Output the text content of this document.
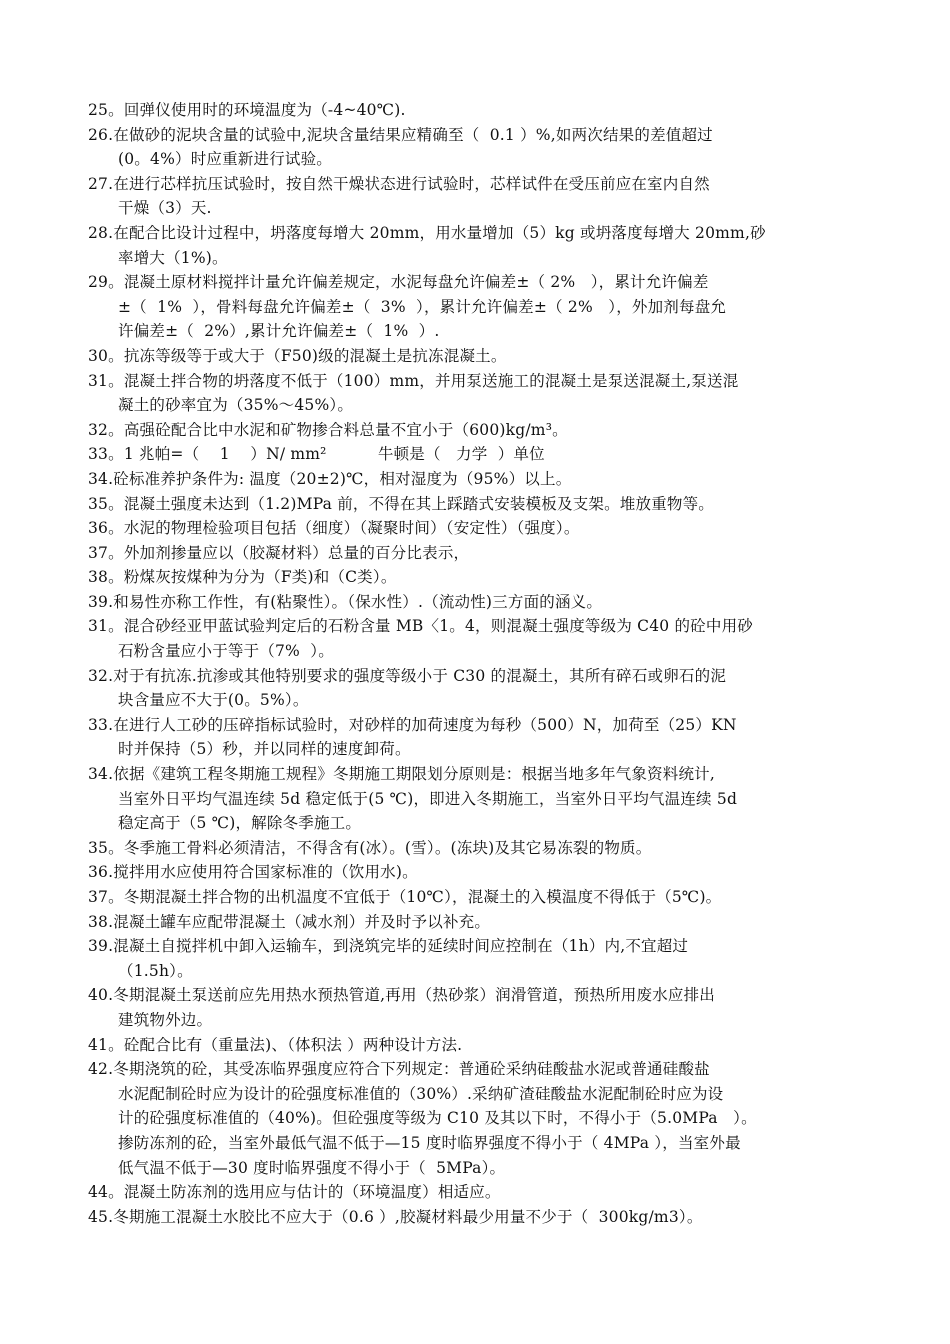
25。回弹仪使用时的环境温度为（-4~40℃).
26.在做砂的泥块含量的试验中,泥块含量结果应精确至（  0.1 ）%,如两次结果的差值超过
(0。4%）时应重新进行试验。
27.在进行芯样抗压试验时，按自然干燥状态进行试验时，芯样试件在受压前应在室内自然
干燥（3）天.
28.在配合比设计过程中，坍落度每增大 20mm，用水量增加（5）kg 或坍落度每增大 20mm,砂
率增大（1%)。
29。混凝土原材料搅拌计量允许偏差规定，水泥每盘允许偏差±（ 2%   ），累计允许偏差
±（  1%  ），骨料每盘允许偏差±（  3%  ），累计允许偏差±（ 2%   ），外加剂每盘允
许偏差±（  2%）,累计允许偏差±（  1%  ）.
30。抗冻等级等于或大于（F50)级的混凝土是抗冻混凝土。
31。混凝土拌合物的坍落度不低于（100）mm，并用泵送施工的混凝土是泵送混凝土,泵送混
凝土的砂率宜为（35%～45%）。
32。高强砼配合比中水泥和矿物掺合料总量不宜小于（600)kg/m³。
33。1 兆帕=（    1    ）N/ mm²          牛顿是（   力学  ）单位
34.砼标准养护条件为: 温度（20±2)℃，相对湿度为（95%）以上。
35。混凝土强度未达到（1.2)MPa 前，不得在其上踩踏式安装模板及支架。堆放重物等。
36。水泥的物理检验项目包括（细度）（凝聚时间）（安定性）（强度）。
37。外加剂掺量应以（胶凝材料）总量的百分比表示，
38。粉煤灰按煤种为分为（F类)和（C类）。
39.和易性亦称工作性，有(粘聚性）。（保水性）.（流动性)三方面的涵义。
31。混合砂经亚甲蓝试验判定后的石粉含量 MB〈1。4，则混凝土强度等级为 C40 的砼中用砂
石粉含量应小于等于（7%  ）。
32.对于有抗冻.抗渗或其他特别要求的强度等级小于 C30 的混凝土，其所有碎石或卵石的泥
块含量应不大于(0。5%）。
33.在进行人工砂的压碎指标试验时，对砂样的加荷速度为每秒（500）N，加荷至（25）KN
时并保持（5）秒，并以同样的速度卸荷。
34.依据《建筑工程冬期施工规程》冬期施工期限划分原则是：根据当地多年气象资料统计,
当室外日平均气温连续 5d 稳定低于(5 ℃)，即进入冬期施工，当室外日平均气温连续 5d
稳定高于（5 ℃)，解除冬季施工。
35。冬季施工骨料必须清洁，不得含有(冰）。(雪）。(冻块)及其它易冻裂的物质。
36.搅拌用水应使用符合国家标准的（饮用水)。
37。冬期混凝土拌合物的出机温度不宜低于（10℃），混凝土的入模温度不得低于（5℃)。
38.混凝土罐车应配带混凝土（减水剂）并及时予以补充。
39.混凝土自搅拌机中卸入运输车，到浇筑完毕的延续时间应控制在（1h）内,不宜超过
（1.5h）。
40.冬期混凝土泵送前应先用热水预热管道,再用（热砂浆）润滑管道，预热所用废水应排出
建筑物外边。
41。砼配合比有（重量法)、（体积法 ）两种设计方法.
42.冬期浇筑的砼，其受冻临界强度应符合下列规定：普通砼采纳硅酸盐水泥或普通硅酸盐
水泥配制砼时应为设计的砼强度标准值的（30%）.采纳矿渣硅酸盐水泥配制砼时应为设
计的砼强度标准值的（40%)。但砼强度等级为 C10 及其以下时，不得小于（5.0MPa   ）。
掺防冻剂的砼，当室外最低气温不低于—15 度时临界强度不得小于（ 4MPa ），当室外最
低气温不低于—30 度时临界强度不得小于（  5MPa）。
44。混凝土防冻剂的选用应与估计的（环境温度）相适应。
45.冬期施工混凝土水胶比不应大于（0.6 ）,胶凝材料最少用量不少于（  300kg/m3）。
